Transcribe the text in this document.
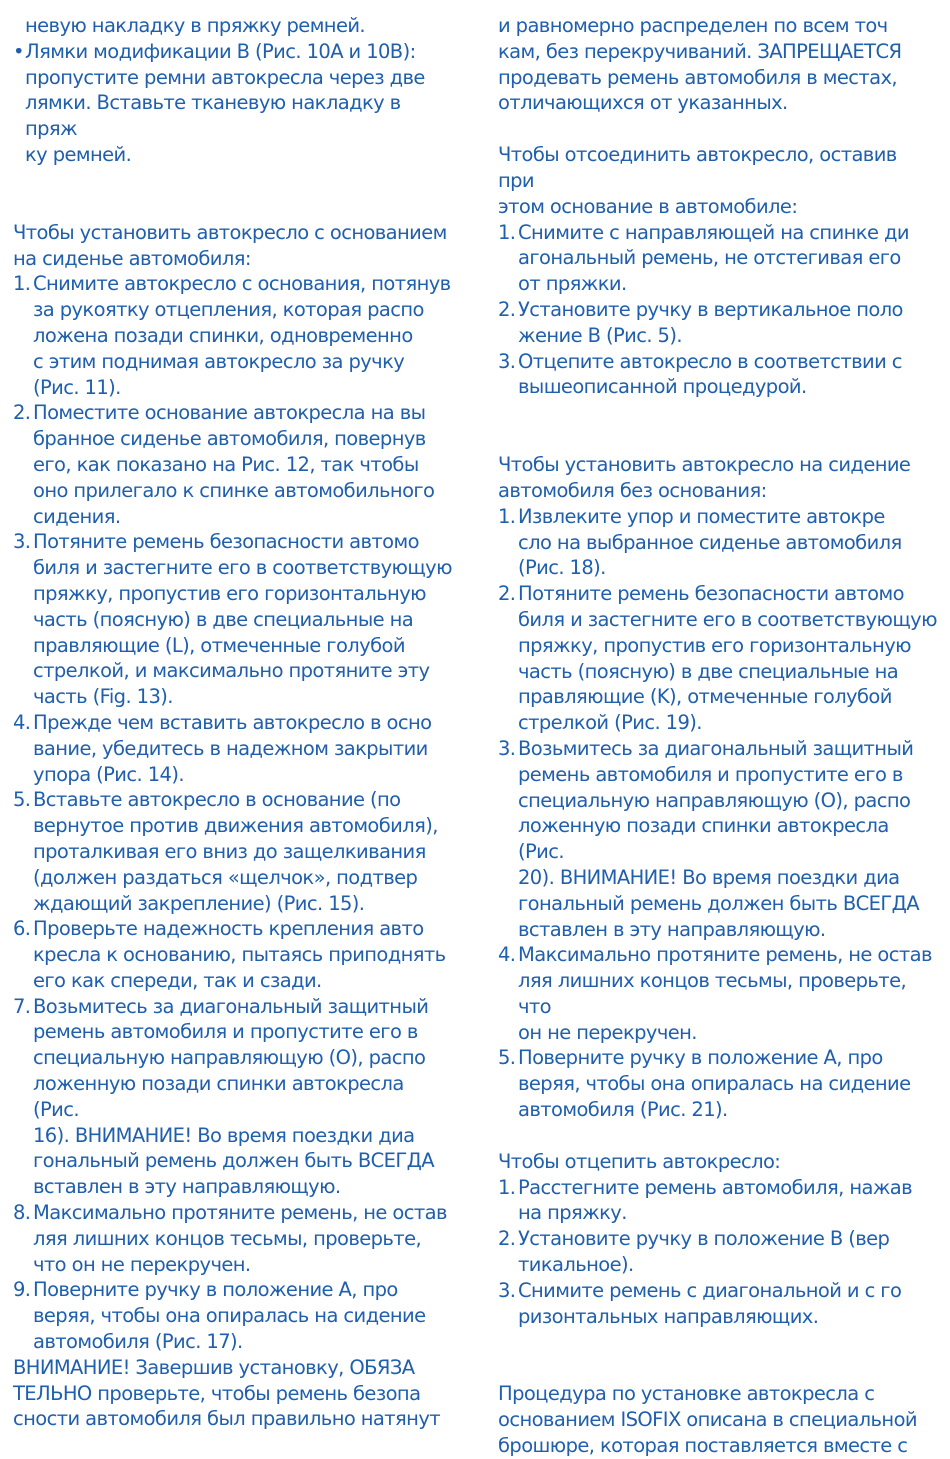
невую накладку в пряжку ремней.
• Лямки модификации B (Рис. 10A и 10B):
пропустите ремни автокресла через две
лямки. Вставьте тканевую накладку в пряж
ку ремней.

Чтобы установить автокресло с основанием
на сиденье автомобиля:

1. Снимите автокресло с основания, потянув
за рукоятку отцепления, которая распо
ложена позади спинки, одновременно
с этим поднимая автокресло за ручку
(Рис. 11).
2. Поместите основание автокресла на вы
бранное сиденье автомобиля, повернув
его, как показано на Рис. 12, так чтобы
оно прилегало к спинке автомобильного
сидения.
3. Потяните ремень безопасности автомо
биля и застегните его в соответствующую
пряжку, пропустив его горизонтальную
часть (поясную) в две специальные на
правляющие (L), отмеченные голубой
стрелкой, и максимально протяните эту
часть (Fig. 13).
4. Прежде чем вставить автокресло в осно
вание, убедитесь в надежном закрытии
упора (Рис. 14).
5. Вставьте автокресло в основание (по
вернутое против движения автомобиля),
проталкивая его вниз до защелкивания
(должен раздаться «щелчок», подтвер
ждающий закрепление) (Рис. 15).
6. Проверьте надежность крепления авто
кресла к основанию, пытаясь приподнять
его как спереди, так и сзади.
7. Возьмитесь за диагональный защитный
ремень автомобиля и пропустите его в
специальную направляющую (O), распо
ложенную позади спинки автокресла (Рис.
16). ВНИМАНИЕ! Во время поездки диа
гональный ремень должен быть ВСЕГДА
вставлен в эту направляющую.
8. Максимально протяните ремень, не остав
ляя лишних концов тесьмы, проверьте,
что он не перекручен.
9. Поверните ручку в положение A, про
веряя, чтобы она опиралась на сидение
автомобиля (Рис. 17).

ВНИМАНИЕ! Завершив установку, ОБЯЗА
ТЕЛЬНО проверьте, чтобы ремень безопа
сности автомобиля был правильно натянут

и равномерно распределен по всем точ
кам, без перекручиваний. ЗАПРЕЩАЕТСЯ
продевать ремень автомобиля в местах,
отличающихся от указанных.

Чтобы отсоединить автокресло, оставив при
этом основание в автомобиле:

1. Снимите с направляющей на спинке ди
агональный ремень, не отстегивая его
от пряжки.
2. Установите ручку в вертикальное поло
жение B (Рис. 5).
3. Отцепите автокресло в соответствии с
вышеописанной процедурой.

Чтобы установить автокресло на сидение
автомобиля без основания:

1. Извлеките упор и поместите автокре
сло на выбранное сиденье автомобиля
(Рис. 18).
2. Потяните ремень безопасности автомо
биля и застегните его в соответствующую
пряжку, пропустив его горизонтальную
часть (поясную) в две специальные на
правляющие (K), отмеченные голубой
стрелкой (Рис. 19).
3. Возьмитесь за диагональный защитный
ремень автомобиля и пропустите его в
специальную направляющую (O), распо
ложенную позади спинки автокресла (Рис.
20). ВНИМАНИЕ! Во время поездки диа
гональный ремень должен быть ВСЕГДА
вставлен в эту направляющую.
4. Максимально протяните ремень, не остав
ляя лишних концов тесьмы, проверьте, что
он не перекручен.
5. Поверните ручку в положение A, про
веряя, чтобы она опиралась на сидение
автомобиля (Рис. 21).

Чтобы отцепить автокресло:

1. Расстегните ремень автомобиля, нажав
на пряжку.
2. Установите ручку в положение B (вер
тикальное).
3. Снимите ремень с диагональной и с го
ризонтальных направляющих.

Процедура по установке автокресла с
основанием ISOFIX описана в специальной
брошюре, которая поставляется вместе с
